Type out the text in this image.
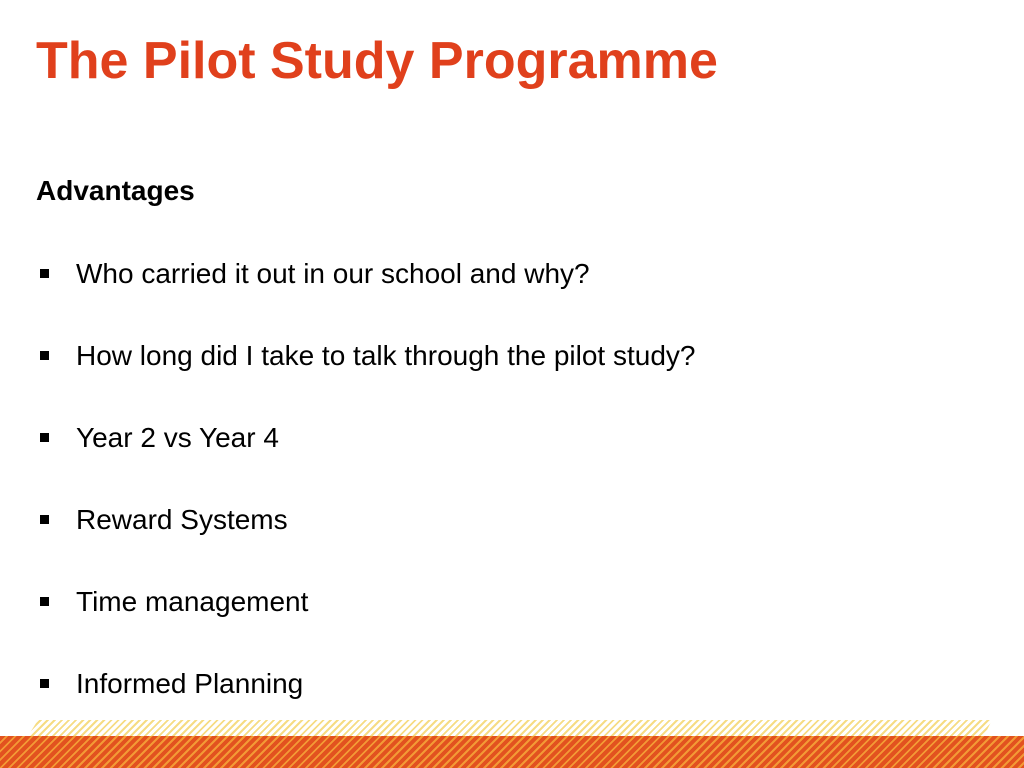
The Pilot Study Programme
Advantages
Who carried it out in our school and why?
How long did I take to talk through the pilot study?
Year 2 vs Year 4
Reward Systems
Time management
Informed Planning
